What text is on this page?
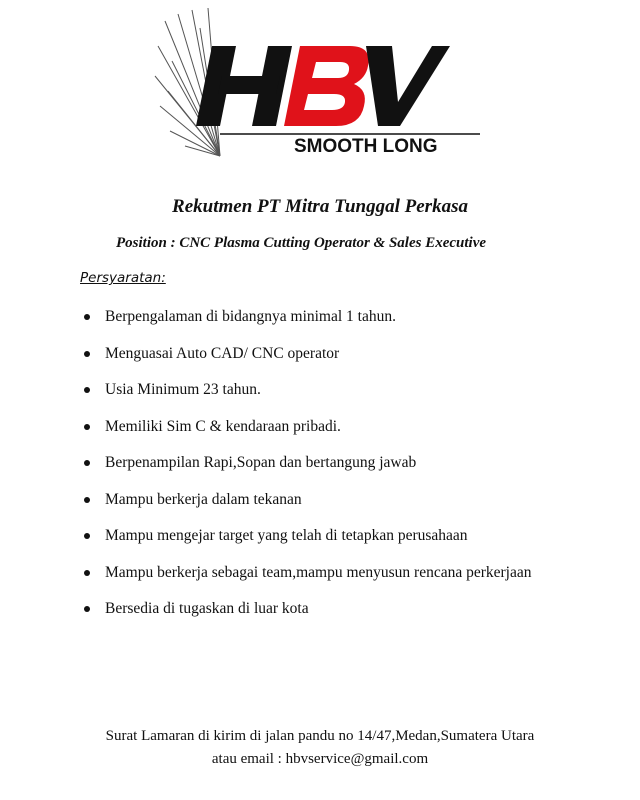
SMOOTH LONG
Rekutmen PT Mitra Tunggal Perkasa
Position : CNC Plasma Cutting Operator & Sales Executive
Persyaratan:
Berpengalaman di bidangnya minimal 1 tahun.
Menguasai Auto CAD/ CNC operator
Usia Minimum 23 tahun.
Memiliki Sim C & kendaraan pribadi.
Berpenampilan Rapi,Sopan dan bertangung jawab
Mampu berkerja dalam tekanan
Mampu mengejar target yang telah di tetapkan perusahaan
Mampu berkerja sebagai team,mampu menyusun rencana perkerjaan
Bersedia di tugaskan di luar kota
Surat Lamaran di kirim di jalan pandu no 14/47,Medan,Sumatera Utara
atau email : hbvservice@gmail.com
